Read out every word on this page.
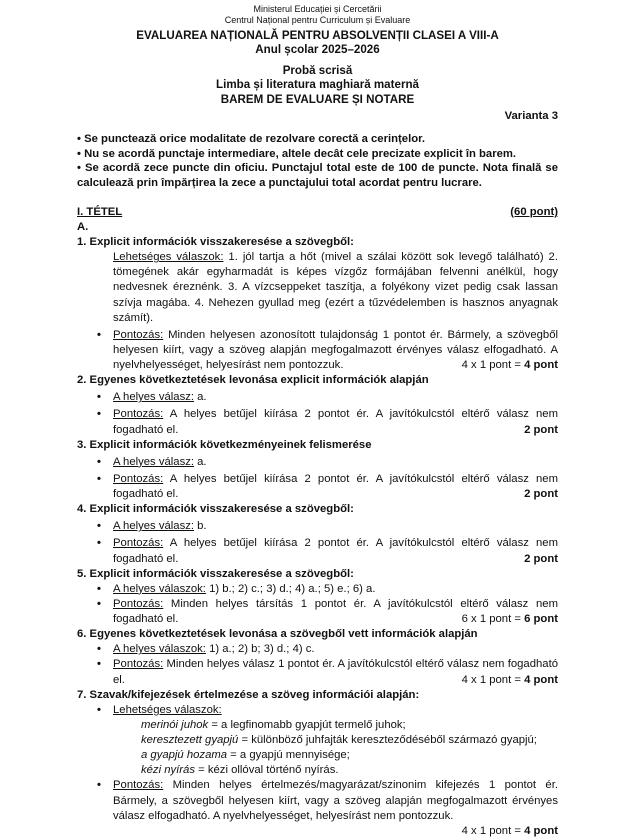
Ministerul Educației și Cercetării
Centrul Național pentru Curriculum și Evaluare
EVALUAREA NAȚIONALĂ PENTRU ABSOLVENȚII CLASEI A VIII-A
Anul școlar 2025–2026
Probă scrisă
Limba și literatura maghiară maternă
BAREM DE EVALUARE ȘI NOTARE
Varianta 3
• Se punctează orice modalitate de rezolvare corectă a cerințelor.
• Nu se acordă punctaje intermediare, altele decât cele precizate explicit în barem.
• Se acordă zece puncte din oficiu. Punctajul total este de 100 de puncte. Nota finală se calculează prin împărțirea la zece a punctajului total acordat pentru lucrare.
I. TÉTEL	(60 pont)
A.
1. Explicit információk visszakeresése a szövegből:
Lehetséges válaszok: 1. jól tartja a hőt (mivel a szálai között sok levegő található) 2. tömegének akár egyharmadát is képes vízgőz formájában felvenni anélkül, hogy nedvesnek éreznénk. 3. A vízcseppeket taszítja, a folyékony vizet pedig csak lassan szívja magába. 4. Nehezen gyullad meg (ezért a tűzvédelemben is hasznos anyagnak számít).
• Pontozás: Minden helyesen azonosított tulajdonság 1 pontot ér. Bármely, a szövegből helyesen kiírt, vagy a szöveg alapján megfogalmazott érvényes válasz elfogadható. A nyelvhelyességet, helyesírást nem pontozzuk.	4 x 1 pont = 4 pont
2. Egyenes következtetések levonása explicit információk alapján
• A helyes válasz: a.
• Pontozás: A helyes betűjel kiírása 2 pontot ér. A javítókulcstól eltérő válasz nem fogadható el.	2 pont
3. Explicit információk következményeinek felismerése
• A helyes válasz: a.
• Pontozás: A helyes betűjel kiírása 2 pontot ér. A javítókulcstól eltérő válasz nem fogadható el.	2 pont
4. Explicit információk visszakeresése a szövegből:
• A helyes válasz: b.
• Pontozás: A helyes betűjel kiírása 2 pontot ér. A javítókulcstól eltérő válasz nem fogadható el.	2 pont
5. Explicit információk visszakeresése a szövegből:
• A helyes válaszok: 1) b.; 2) c.; 3) d.; 4) a.; 5) e.; 6) a.
• Pontozás: Minden helyes társítás 1 pontot ér. A javítókulcstól eltérő válasz nem fogadható el.	6 x 1 pont = 6 pont
6. Egyenes következtetések levonása a szövegből vett információk alapján
• A helyes válaszok: 1) a.; 2) b; 3) d.; 4) c.
• Pontozás: Minden helyes válasz 1 pontot ér. A javítókulcstól eltérő válasz nem fogadható el.	4 x 1 pont = 4 pont
7. Szavak/kifejezések értelmezése a szöveg információi alapján:
• Lehetséges válaszok:
merinói juhok = a legfinomabb gyapjút termelő juhok;
keresztezett gyapjú = különböző juhfajták kereszteződéséből származó gyapjú;
a gyapjú hozama = a gyapjú mennyisége;
kézi nyírás = kézi ollóval történő nyírás.
• Pontozás: Minden helyes értelmezés/magyarázat/szinonim kifejezés 1 pontot ér. Bármely, a szövegből helyesen kiírt, vagy a szöveg alapján megfogalmazott érvényes válasz elfogadható. A nyelvhelyességet, helyesírást nem pontozzuk.
4 x 1 pont = 4 pont
